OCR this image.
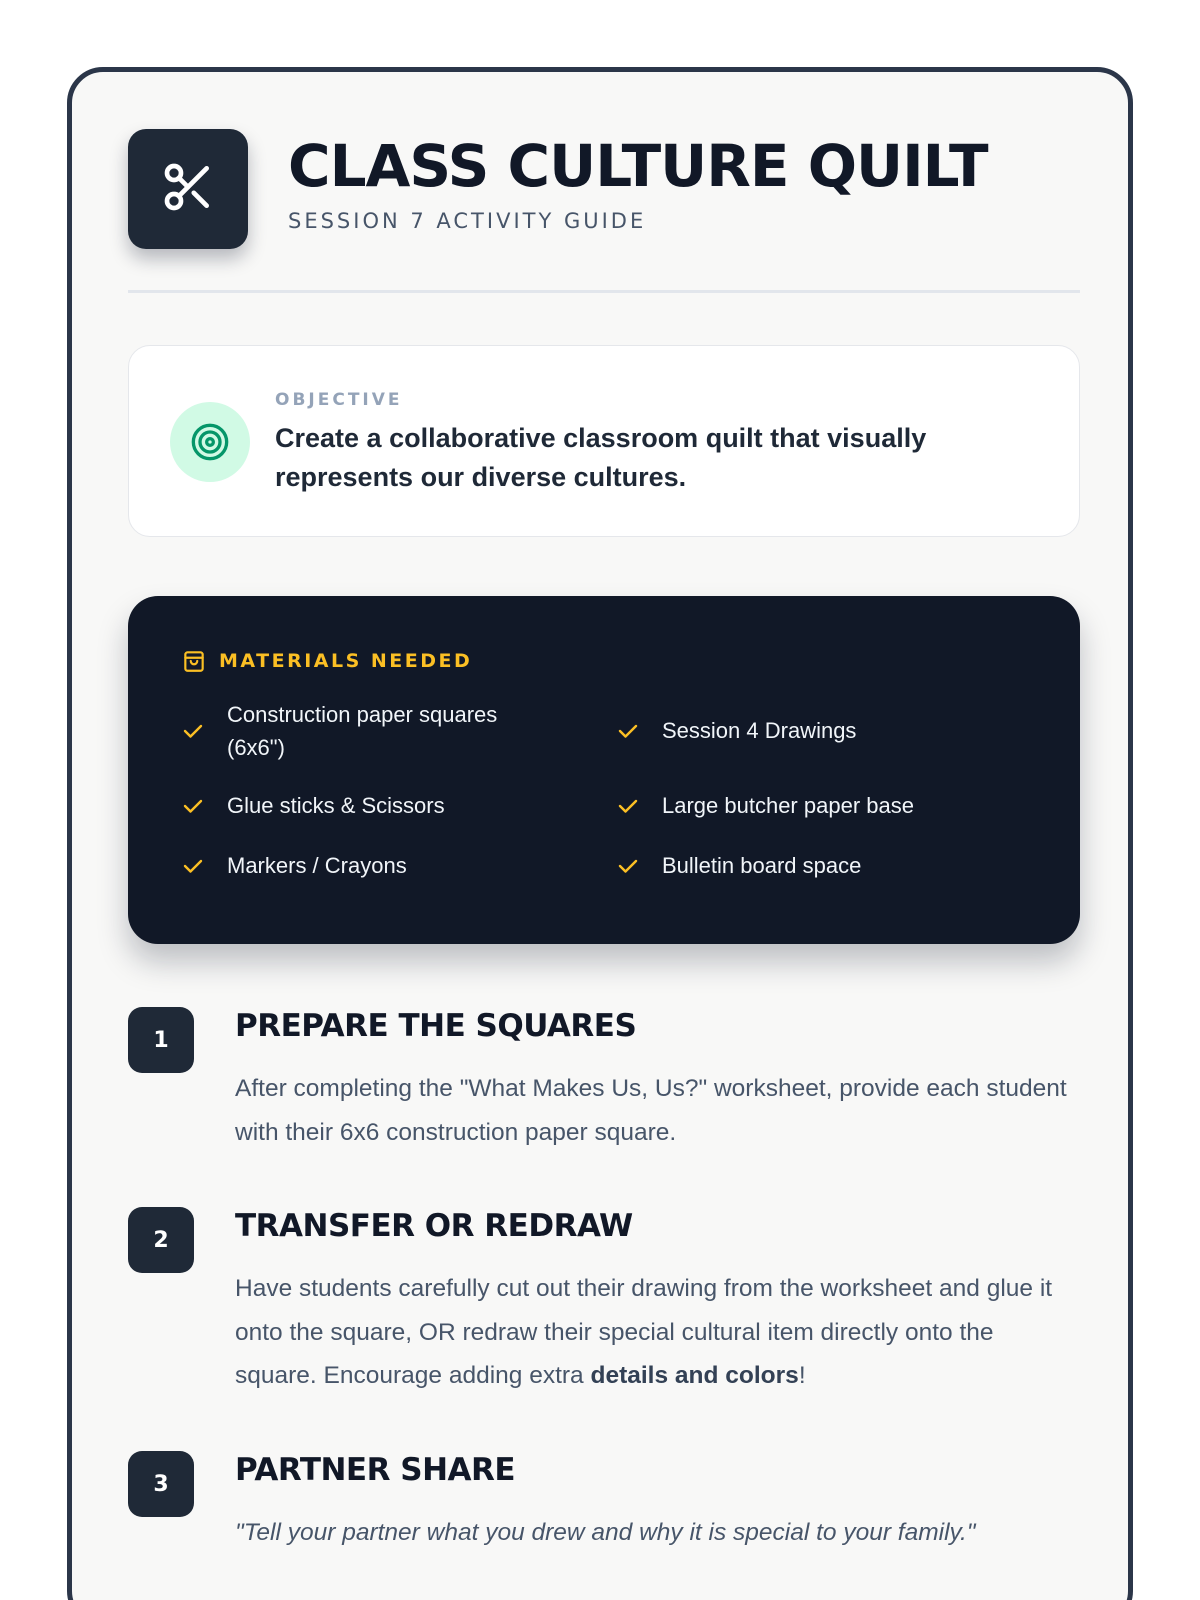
CLASS CULTURE QUILT
SESSION 7 ACTIVITY GUIDE
OBJECTIVE
Create a collaborative classroom quilt that visually represents our diverse cultures.
MATERIALS NEEDED
Construction paper squares (6x6")
Session 4 Drawings
Glue sticks & Scissors	Large butcher paper base
Markers / Crayons	Bulletin board space
1	PREPARE THE SQUARES
After completing the "What Makes Us, Us?" worksheet, provide each student with their 6x6 construction paper square.
2	TRANSFER OR REDRAW
Have students carefully cut out their drawing from the worksheet and glue it onto the square, OR redraw their special cultural item directly onto the square. Encourage adding extra details and colors!
3	PARTNER SHARE
"Tell your partner what you drew and why it is special to your family."
